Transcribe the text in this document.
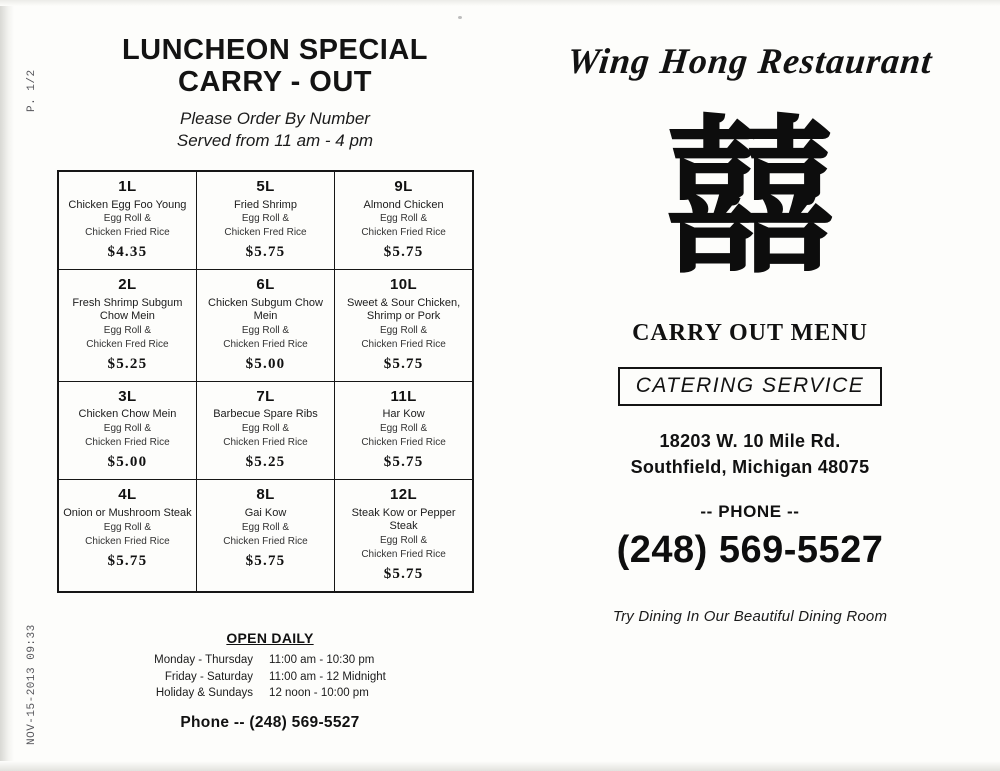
P. 1/2
NOV-15-2013 09:33
LUNCHEON SPECIAL
CARRY - OUT
Please Order By Number
Served from 11 am - 4 pm
1L
Chicken Egg Foo Young
Egg Roll &
Chicken Fried Rice
$4.35

5L
Fried Shrimp
Egg Roll &
Chicken Fred Rice
$5.75

9L
Almond Chicken
Egg Roll &
Chicken Fried Rice
$5.75

2L
Fresh Shrimp Subgum Chow Mein
Egg Roll &
Chicken Fred Rice
$5.25

6L
Chicken Subgum Chow Mein
Egg Roll &
Chicken Fried Rice
$5.00

10L
Sweet & Sour Chicken, Shrimp or Pork
Egg Roll &
Chicken Fried Rice
$5.75

3L
Chicken Chow Mein
Egg Roll &
Chicken Fried Rice
$5.00

7L
Barbecue Spare Ribs
Egg Roll &
Chicken Fried Rice
$5.25

11L
Har Kow
Egg Roll &
Chicken Fried Rice
$5.75

4L
Onion or Mushroom Steak
Egg Roll &
Chicken Fried Rice
$5.75

8L
Gai Kow
Egg Roll &
Chicken Fried Rice
$5.75

12L
Steak Kow or Pepper Steak
Egg Roll &
Chicken Fried Rice
$5.75
OPEN DAILY
Monday - Thursday	11:00 am - 10:30 pm
Friday - Saturday	11:00 am - 12 Midnight
Holiday & Sundays	12 noon - 10:00 pm
Phone -- (248) 569-5527
Wing Hong Restaurant
囍
CARRY OUT MENU
CATERING SERVICE
18203 W. 10 Mile Rd.
Southfield, Michigan 48075
-- PHONE --
(248) 569-5527
Try Dining In Our Beautiful Dining Room
